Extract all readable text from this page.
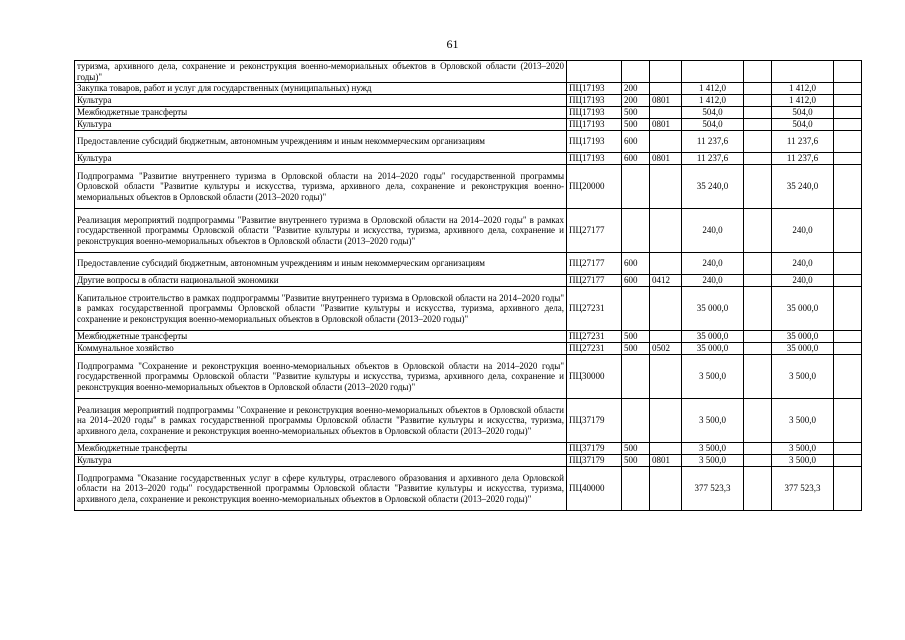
61
туризма, архивного дела, сохранение и реконструкция военно-мемориальных объектов в Орловской области (2013–2020 годы)"							
Закупка товаров, работ и услуг для государственных (муниципальных) нужд	ПЦ17193	200		1 412,0		1 412,0	
Культура	ПЦ17193	200	0801	1 412,0		1 412,0	
Межбюджетные трансферты	ПЦ17193	500		504,0		504,0	
Культура	ПЦ17193	500	0801	504,0		504,0	
Предоставление субсидий бюджетным, автономным учреждениям и иным некоммерческим организациям	ПЦ17193	600		11 237,6		11 237,6	
Культура	ПЦ17193	600	0801	11 237,6		11 237,6	
Подпрограмма "Развитие внутреннего туризма в Орловской области на 2014–2020 годы" государственной программы Орловской области "Развитие культуры и искусства, туризма, архивного дела, сохранение и реконструкция военно-мемориальных объектов в Орловской области (2013–2020 годы)"	ПЦ20000			35 240,0		35 240,0	
Реализация мероприятий подпрограммы "Развитие внутреннего туризма в Орловской области на 2014–2020 годы" в рамках государственной программы Орловской области "Развитие культуры и искусства, туризма, архивного дела, сохранение и реконструкция военно-мемориальных объектов в Орловской области (2013–2020 годы)"	ПЦ27177			240,0		240,0	
Предоставление субсидий бюджетным, автономным учреждениям и иным некоммерческим организациям	ПЦ27177	600		240,0		240,0	
Другие вопросы в области национальной экономики	ПЦ27177	600	0412	240,0		240,0	
Капитальное строительство в рамках подпрограммы "Развитие внутреннего туризма в Орловской области на 2014–2020 годы" в рамках государственной программы Орловской области "Развитие культуры и искусства, туризма, архивного дела, сохранение и реконструкция военно-мемориальных объектов в Орловской области (2013–2020 годы)"	ПЦ27231			35 000,0		35 000,0	
Межбюджетные трансферты	ПЦ27231	500		35 000,0		35 000,0	
Коммунальное хозяйство	ПЦ27231	500	0502	35 000,0		35 000,0	
Подпрограмма "Сохранение и реконструкция военно-мемориальных объектов в Орловской области на 2014–2020 годы" государственной программы Орловской области "Развитие культуры и искусства, туризма, архивного дела, сохранение и реконструкция военно-мемориальных объектов в Орловской области (2013–2020 годы)"	ПЦ30000			3 500,0		3 500,0	
Реализация мероприятий подпрограммы "Сохранение и реконструкция военно-мемориальных объектов в Орловской области на 2014–2020 годы" в рамках государственной программы Орловской области "Развитие культуры и искусства, туризма, архивного дела, сохранение и реконструкция военно-мемориальных объектов в Орловской области (2013–2020 годы)"	ПЦ37179			3 500,0		3 500,0	
Межбюджетные трансферты	ПЦ37179	500		3 500,0		3 500,0	
Культура	ПЦ37179	500	0801	3 500,0		3 500,0	
Подпрограмма "Оказание государственных услуг в сфере культуры, отраслевого образования и архивного дела Орловской области на 2013–2020 годы" государственной программы Орловской области "Развитие культуры и искусства, туризма, архивного дела, сохранение и реконструкция военно-мемориальных объектов в Орловской области (2013–2020 годы)"	ПЦ40000			377 523,3		377 523,3	
